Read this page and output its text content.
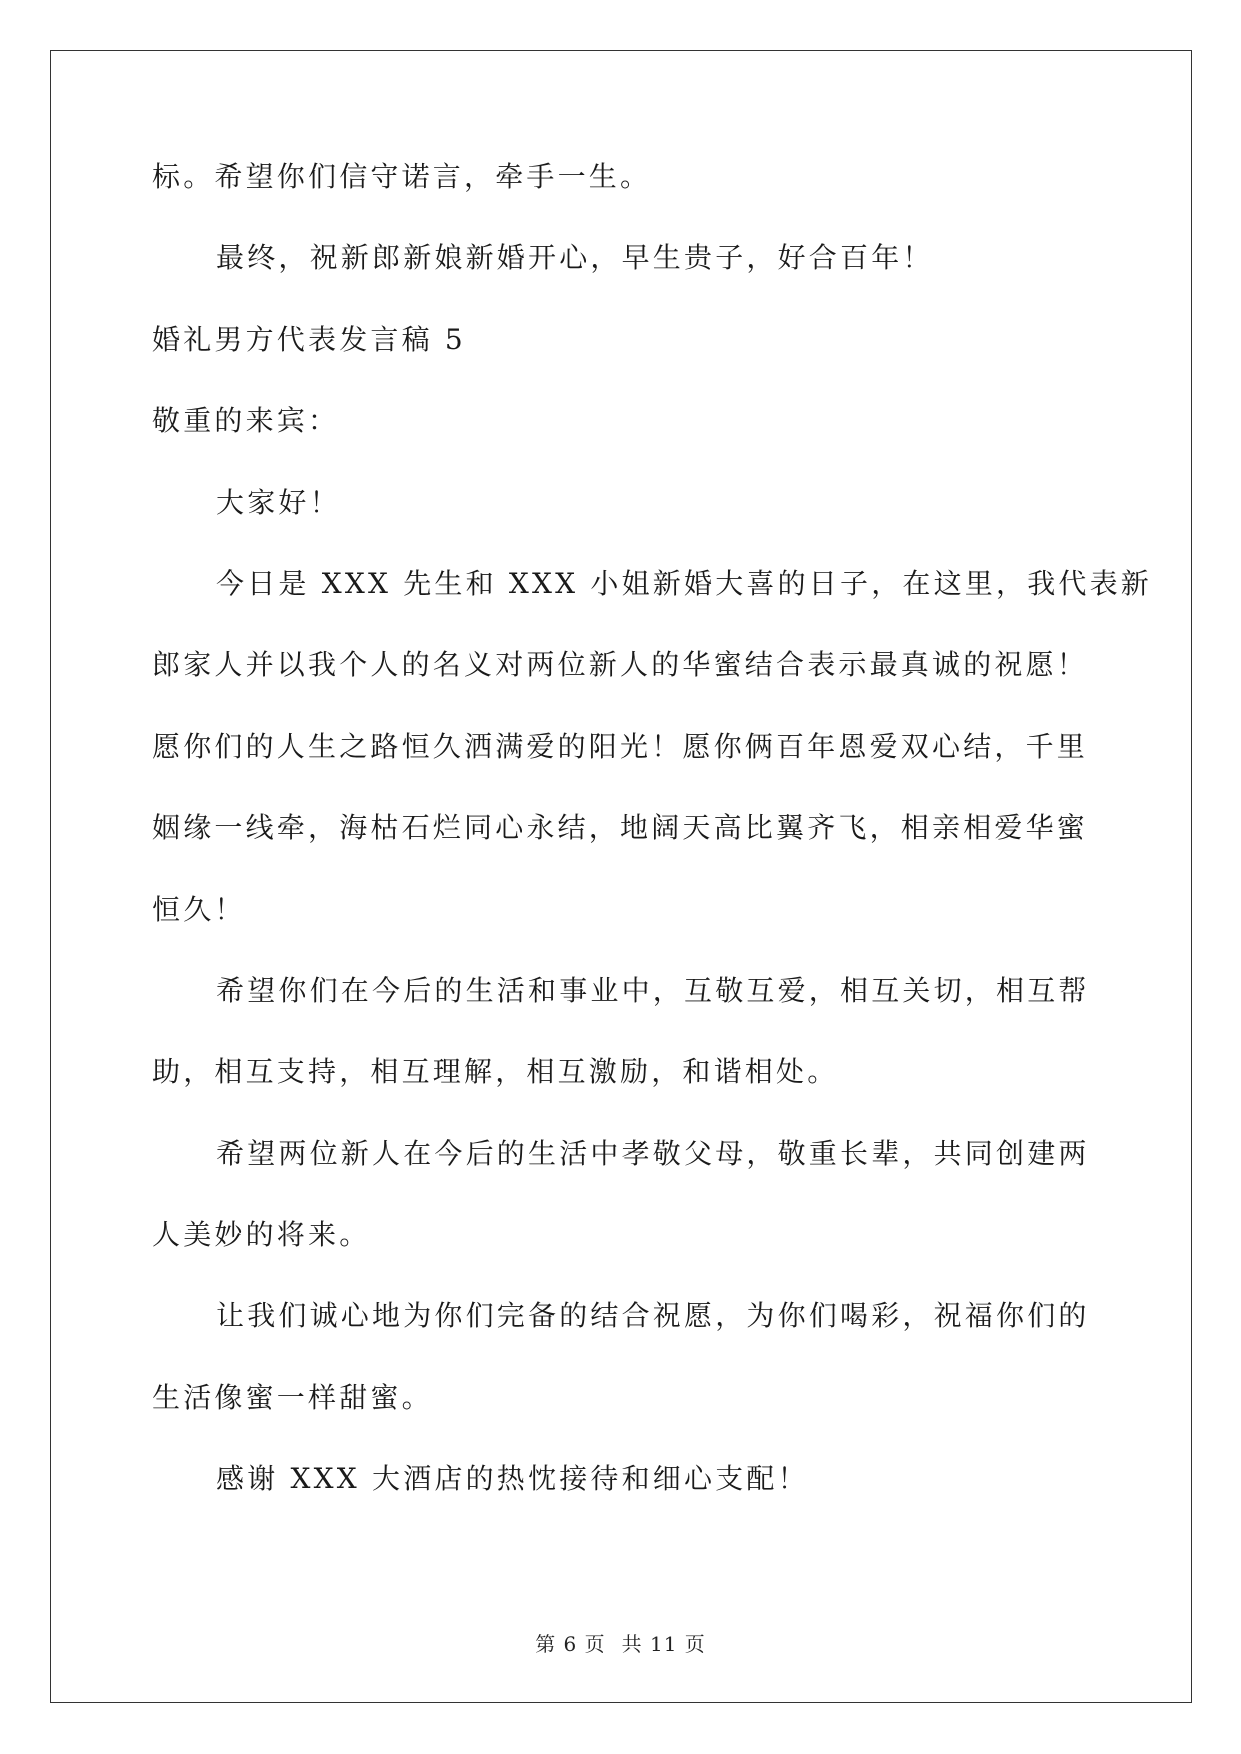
标。希望你们信守诺言，牵手一生。
最终，祝新郎新娘新婚开心，早生贵子，好合百年！
婚礼男方代表发言稿 5
敬重的来宾：
大家好！
今日是 XXX 先生和 XXX 小姐新婚大喜的日子，在这里，我代表新
郎家人并以我个人的名义对两位新人的华蜜结合表示最真诚的祝愿！
愿你们的人生之路恒久洒满爱的阳光！愿你俩百年恩爱双心结，千里
姻缘一线牵，海枯石烂同心永结，地阔天高比翼齐飞，相亲相爱华蜜
恒久！
希望你们在今后的生活和事业中，互敬互爱，相互关切，相互帮
助，相互支持，相互理解，相互激励，和谐相处。
希望两位新人在今后的生活中孝敬父母，敬重长辈，共同创建两
人美妙的将来。
让我们诚心地为你们完备的结合祝愿，为你们喝彩，祝福你们的
生活像蜜一样甜蜜。
感谢 XXX 大酒店的热忱接待和细心支配！
第 6 页 共 11 页
